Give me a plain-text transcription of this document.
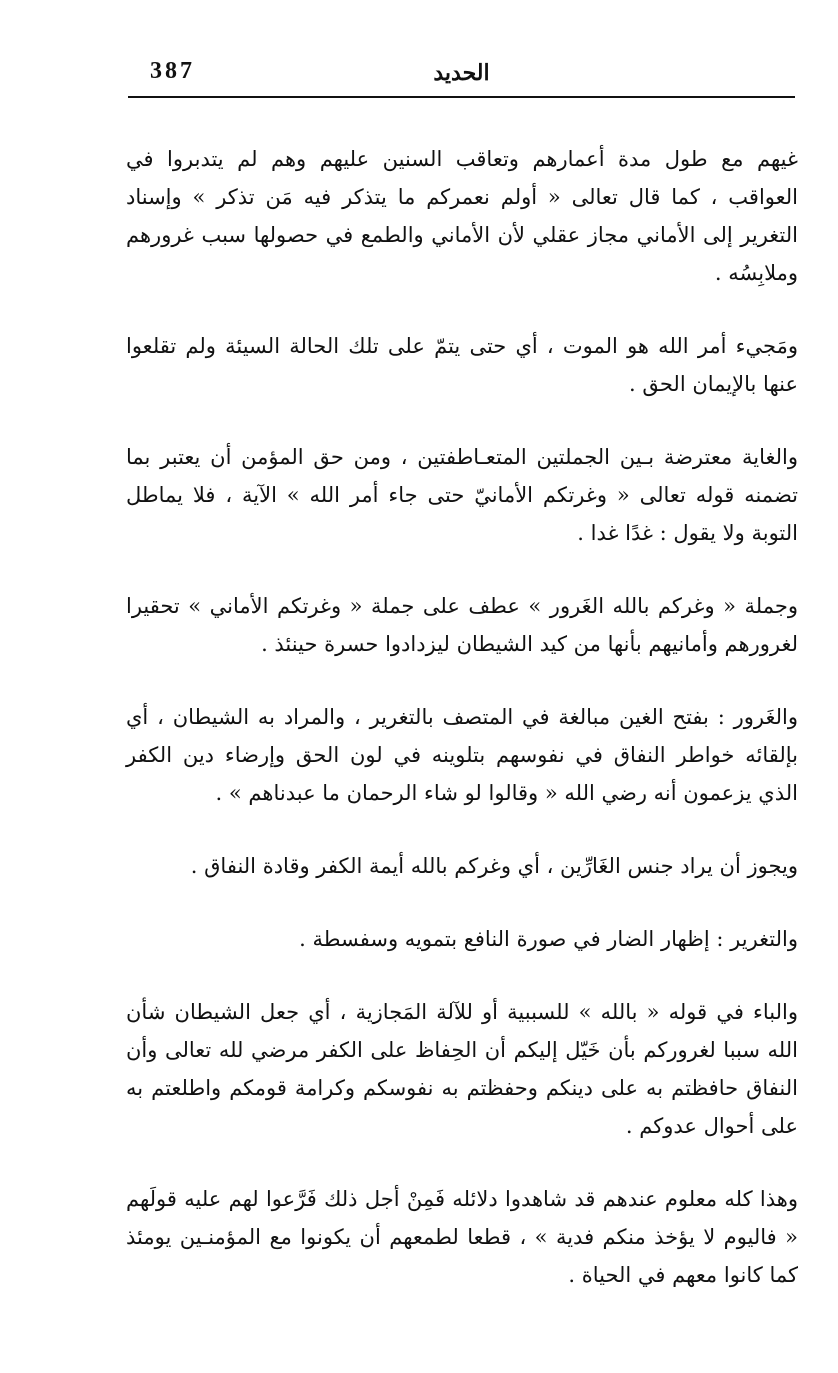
387	الحديد

غيهم مع طول مدة أعمارهم وتعاقب السنين عليهم وهم لم يتدبروا في العواقب ، كما قال تعالى « أولم نعمركم ما يتذكر فيه مَن تذكر » وإسناد التغرير إلى الأماني مجاز عقلي لأن الأماني والطمع في حصولها سبب غرورهم وملابِسُه .

ومَجيء أمر الله هو الموت ، أي حتى يتمّ على تلك الحالة السيئة ولم تقلعوا عنها بالإيمان الحق .

والغاية معترضة بـين الجملتين المتعـاطفتين ، ومن حق المؤمن أن يعتبر بما تضمنه قوله تعالى « وغرتكم الأمانيّ حتى جاء أمر الله » الآية ، فلا يماطل التوبة ولا يقول : غدًا غدا .

وجملة « وغركم بالله الغَرور » عطف على جملة « وغرتكم الأماني » تحقيرا لغرورهم وأمانيهم بأنها من كيد الشيطان ليزدادوا حسرة حينئذ .

والغَرور : بفتح الغين مبالغة في المتصف بالتغرير ، والمراد به الشيطان ، أي بإلقائه خواطر النفاق في نفوسهم بتلوينه في لون الحق وإرضاء دين الكفر الذي يزعمون أنه رضي الله « وقالوا لو شاء الرحمان ما عبدناهم » .

ويجوز أن يراد جنس الغَارِّين ، أي وغركم بالله أيمة الكفر وقادة النفاق .

والتغرير : إظهار الضار في صورة النافع بتمويه وسفسطة .

والباء في قوله « بالله » للسببية أو للآلة المَجازية ، أي جعل الشيطان شأن الله سببا لغروركم بأن خَيّل إليكم أن الحِفاظ على الكفر مرضي لله تعالى وأن النفاق حافظتم به على دينكم وحفظتم به نفوسكم وكرامة قومكم واطلعتم به على أحوال عدوكم .

وهذا كله معلوم عندهم قد شاهدوا دلائله فَمِنْ أجل ذلك فَرَّعوا لهم عليه قولَهم « فاليوم لا يؤخذ منكم فدية » ، قطعا لطمعهم أن يكونوا مع المؤمنـين يومئذ كما كانوا معهم في الحياة .
